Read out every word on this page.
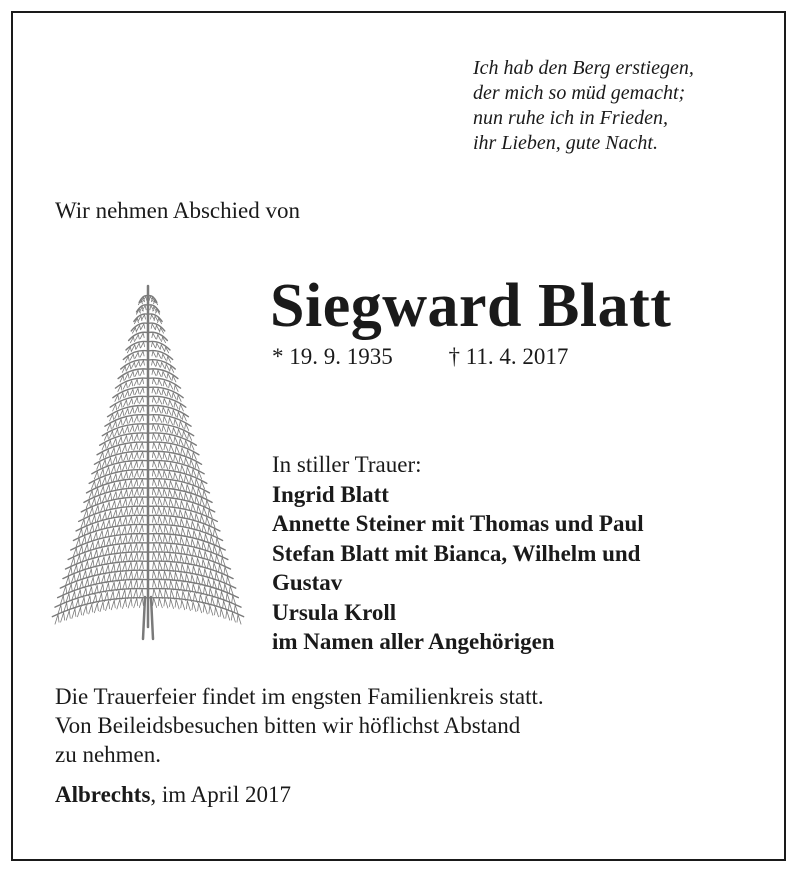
Ich hab den Berg erstiegen,
der mich so müd gemacht;
nun ruhe ich in Frieden,
ihr Lieben, gute Nacht.
Wir nehmen Abschied von
Siegward Blatt
* 19. 9. 1935 † 11. 4. 2017
In stiller Trauer:
Ingrid Blatt
Annette Steiner mit Thomas und Paul
Stefan Blatt mit Bianca, Wilhelm und
Gustav
Ursula Kroll
im Namen aller Angehörigen
Die Trauerfeier findet im engsten Familienkreis statt.
Von Beileidsbesuchen bitten wir höflichst Abstand
zu nehmen.
Albrechts, im April 2017
